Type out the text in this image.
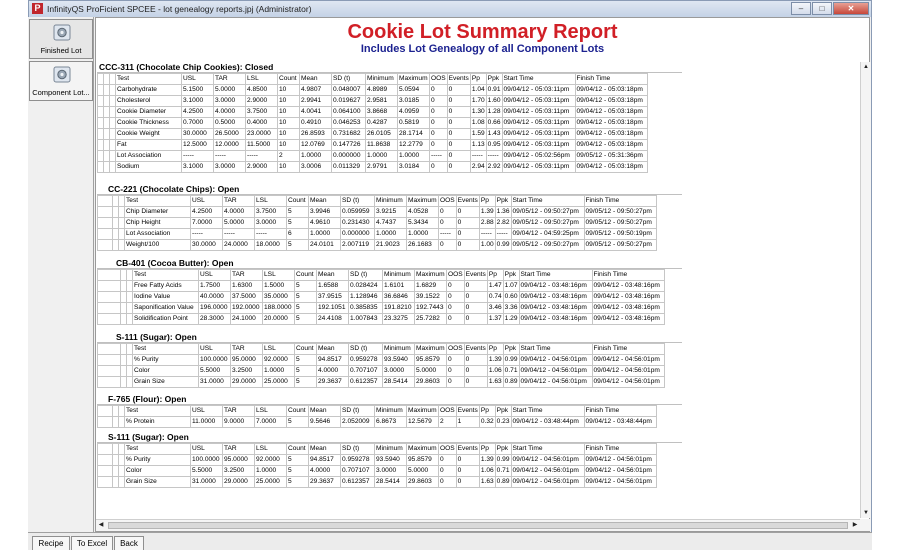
P InfinityQS ProFicient SPCEE - lot genealogy reports.jpj (Administrator)	–	□	✕
Finished Lot
Component Lot...
Cookie Lot Summary Report
Includes Lot Genealogy of all Component Lots
CCC-311 (Chocolate Chip Cookies): Closed
			Test	USL	TAR	LSL	Count	Mean	SD (t)	Minimum	Maximum	OOS	Events	Pp	Ppk	Start Time	Finish Time
			Carbohydrate	5.1500	5.0000	4.8500	10	4.9807	0.048007	4.8989	5.0594	0	0	1.04	0.91	09/04/12 - 05:03:11pm	09/04/12 - 05:03:18pm
			Cholesterol	3.1000	3.0000	2.9000	10	2.9941	0.019627	2.9581	3.0185	0	0	1.70	1.60	09/04/12 - 05:03:11pm	09/04/12 - 05:03:18pm
			Cookie Diameter	4.2500	4.0000	3.7500	10	4.0041	0.064100	3.8668	4.0959	0	0	1.30	1.28	09/04/12 - 05:03:11pm	09/04/12 - 05:03:18pm
			Cookie Thickness	0.7000	0.5000	0.4000	10	0.4910	0.046253	0.4287	0.5819	0	0	1.08	0.66	09/04/12 - 05:03:11pm	09/04/12 - 05:03:18pm
			Cookie Weight	30.0000	26.5000	23.0000	10	26.8593	0.731682	26.0105	28.1714	0	0	1.59	1.43	09/04/12 - 05:03:11pm	09/04/12 - 05:03:18pm
			Fat	12.5000	12.0000	11.5000	10	12.0769	0.147726	11.8638	12.2779	0	0	1.13	0.95	09/04/12 - 05:03:11pm	09/04/12 - 05:03:18pm
			Lot Association	-----	-----	-----	2	1.0000	0.000000	1.0000	1.0000	-----	0	-----	-----	09/04/12 - 05:02:56pm	09/05/12 - 05:31:36pm
			Sodium	3.1000	3.0000	2.9000	10	3.0006	0.011329	2.9791	3.0184	0	0	2.94	2.92	09/04/12 - 05:03:11pm	09/04/12 - 05:03:18pm
CC-221 (Chocolate Chips): Open
			Test	USL	TAR	LSL	Count	Mean	SD (t)	Minimum	Maximum	OOS	Events	Pp	Ppk	Start Time	Finish Time
			Chip Diameter	4.2500	4.0000	3.7500	5	3.9946	0.059959	3.9215	4.0528	0	0	1.39	1.36	09/05/12 - 09:50:27pm	09/05/12 - 09:50:27pm
			Chip Height	7.0000	5.0000	3.0000	5	4.9610	0.231430	4.7437	5.3434	0	0	2.88	2.82	09/05/12 - 09:50:27pm	09/05/12 - 09:50:27pm
			Lot Association	-----	-----	-----	6	1.0000	0.000000	1.0000	1.0000	-----	0	-----	-----	09/04/12 - 04:59:25pm	09/05/12 - 09:50:19pm
			Weight/100	30.0000	24.0000	18.0000	5	24.0101	2.007119	21.9023	26.1683	0	0	1.00	0.99	09/05/12 - 09:50:27pm	09/05/12 - 09:50:27pm
CB-401 (Cocoa Butter): Open
			Test	USL	TAR	LSL	Count	Mean	SD (t)	Minimum	Maximum	OOS	Events	Pp	Ppk	Start Time	Finish Time
			Free Fatty Acids	1.7500	1.6300	1.5000	5	1.6588	0.028424	1.6101	1.6829	0	0	1.47	1.07	09/04/12 - 03:48:16pm	09/04/12 - 03:48:16pm
			Iodine Value	40.0000	37.5000	35.0000	5	37.9515	1.128946	36.6846	39.1522	0	0	0.74	0.60	09/04/12 - 03:48:16pm	09/04/12 - 03:48:16pm
			Saponification Value	196.0000	192.0000	188.0000	5	192.1051	0.385835	191.8210	192.7443	0	0	3.46	3.36	09/04/12 - 03:48:16pm	09/04/12 - 03:48:16pm
			Solidification Point	28.3000	24.1000	20.0000	5	24.4108	1.007843	23.3275	25.7282	0	0	1.37	1.29	09/04/12 - 03:48:16pm	09/04/12 - 03:48:16pm
S-111 (Sugar): Open
			Test	USL	TAR	LSL	Count	Mean	SD (t)	Minimum	Maximum	OOS	Events	Pp	Ppk	Start Time	Finish Time
			% Purity	100.0000	95.0000	92.0000	5	94.8517	0.959278	93.5940	95.8579	0	0	1.39	0.99	09/04/12 - 04:56:01pm	09/04/12 - 04:56:01pm
			Color	5.5000	3.2500	1.0000	5	4.0000	0.707107	3.0000	5.0000	0	0	1.06	0.71	09/04/12 - 04:56:01pm	09/04/12 - 04:56:01pm
			Grain Size	31.0000	29.0000	25.0000	5	29.3637	0.612357	28.5414	29.8603	0	0	1.63	0.89	09/04/12 - 04:56:01pm	09/04/12 - 04:56:01pm
F-765 (Flour): Open
			Test	USL	TAR	LSL	Count	Mean	SD (t)	Minimum	Maximum	OOS	Events	Pp	Ppk	Start Time	Finish Time
			% Protein	11.0000	9.0000	7.0000	5	9.5646	2.052009	6.8673	12.5679	2	1	0.32	0.23	09/04/12 - 03:48:44pm	09/04/12 - 03:48:44pm
S-111 (Sugar): Open
			Test	USL	TAR	LSL	Count	Mean	SD (t)	Minimum	Maximum	OOS	Events	Pp	Ppk	Start Time	Finish Time
			% Purity	100.0000	95.0000	92.0000	5	94.8517	0.959278	93.5940	95.8579	0	0	1.39	0.99	09/04/12 - 04:56:01pm	09/04/12 - 04:56:01pm
			Color	5.5000	3.2500	1.0000	5	4.0000	0.707107	3.0000	5.0000	0	0	1.06	0.71	09/04/12 - 04:56:01pm	09/04/12 - 04:56:01pm
			Grain Size	31.0000	29.0000	25.0000	5	29.3637	0.612357	28.5414	29.8603	0	0	1.63	0.89	09/04/12 - 04:56:01pm	09/04/12 - 04:56:01pm
▲
▼
◀	▶
Recipe	To Excel	Back
